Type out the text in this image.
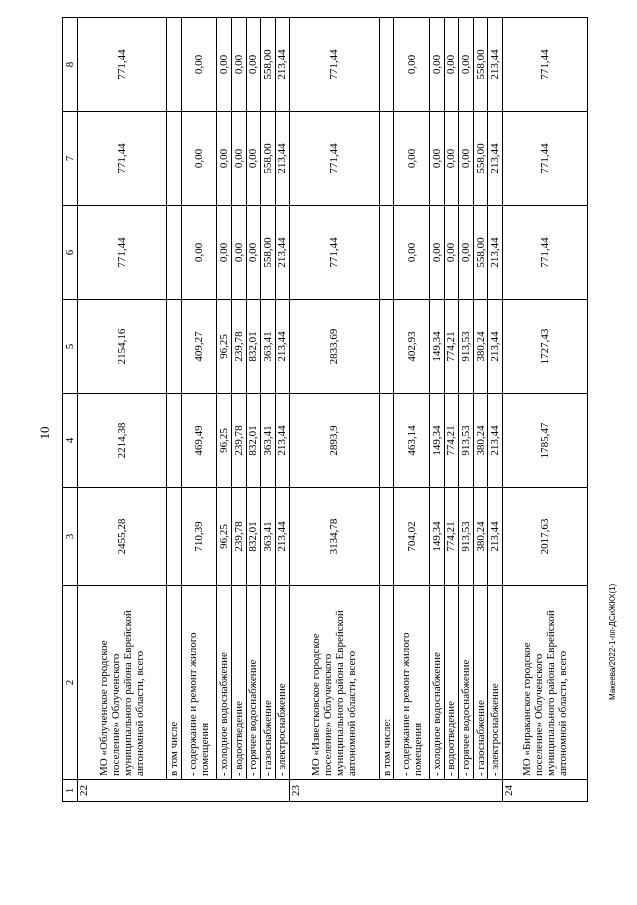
10
Макеева/2022-1-пп-ДСиЖКХ(1)
1	2	3	4	5	6	7	8
22	МО «Облученское городское поселение» Облученского муниципального района Еврейской автономной области, всего	2455,28	2214,38	2154,16	771,44	771,44	771,44
	в том числе						
	- содержание и ремонт жилого помещения	710,39	469,49	409,27	0,00	0,00	0,00
	- холодное водоснабжение	96,25	96,25	96,25	0,00	0,00	0,00
	- водоотведение	239,78	239,78	239,78	0,00	0,00	0,00
	- горячее водоснабжение	832,01	832,01	832,01	0,00	0,00	0,00
	- газоснабжение	363,41	363,41	363,41	558,00	558,00	558,00
	- электроснабжение	213,44	213,44	213,44	213,44	213,44	213,44
23	МО «Известковское городское поселение» Облученского муниципального района Еврейской автономной области, всего	3134,78	2893,9	2833,69	771,44	771,44	771,44
	в том числе:						
	- содержание и ремонт жилого помещения	704,02	463,14	402,93	0,00	0,00	0,00
	- холодное водоснабжение	149,34	149,34	149,34	0,00	0,00	0,00
	- водоотведение	774,21	774,21	774,21	0,00	0,00	0,00
	- горячее водоснабжение	913,53	913,53	913,53	0,00	0,00	0,00
	- газоснабжение	380,24	380,24	380,24	558,00	558,00	558,00
	- электроснабжение	213,44	213,44	213,44	213,44	213,44	213,44
24	МО «Бираканское городское поселение» Облученского муниципального района Еврейской автономной области, всего	2017,63	1785,47	1727,43	771,44	771,44	771,44
